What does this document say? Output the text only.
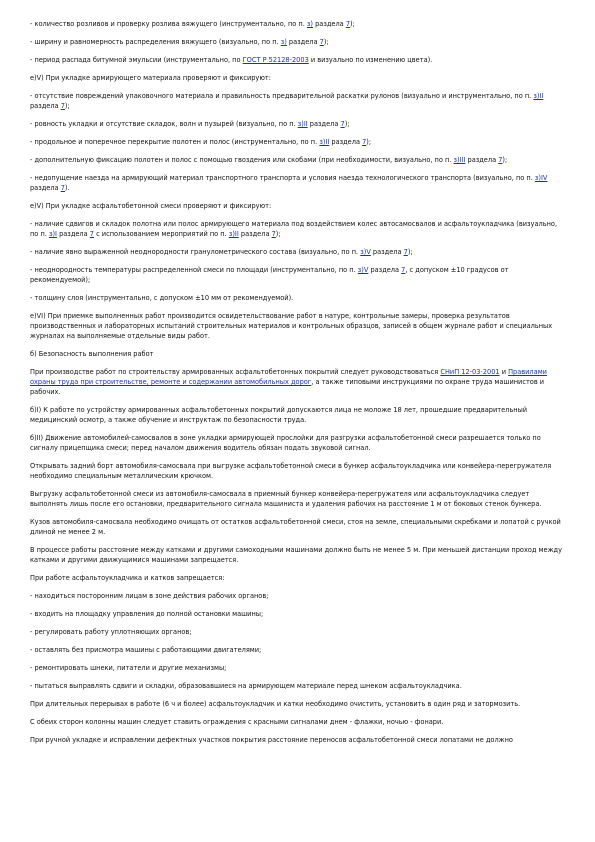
- количество розливов и проверку розлива вяжущего (инструментально, по п. з) раздела 7);

- ширину и равномерность распределения вяжущего (визуально, по п. з) раздела 7);

- период распада битумной эмульсии (инструментально, по ГОСТ Р 52128-2003 и визуально по изменению цвета).

e)V) При укладке армирующего материала проверяют и фиксируют:

- отсутствие повреждений упаковочного материала и правильность предварительной раскатки рулонов (визуально и инструментально, по п. з)II раздела 7);

- ровность укладки и отсутствие складок, волн и пузырей (визуально, по п. з)II раздела 7);

- продольное и поперечное перекрытие полотен и полос (инструментально, по п. з)II раздела 7);

- дополнительную фиксацию полотен и полос с помощью гвоздения или скобами (при необходимости, визуально, по п. з)III раздела 7);

- недопущение наезда на армирующий материал транспортного транспорта и условия наезда технологического транспорта (визуально, по п. з)IV раздела 7).

e)V) При укладке асфальтобетонной смеси проверяют и фиксируют:

- наличие сдвигов и складок полотна или полос армирующего материала под воздействием колес автосамосвалов и асфальтоукладчика (визуально, по п. з)I раздела 7 с использованием мероприятий по п. з)II раздела 7);

- наличие явно выраженной неоднородности гранулометрического состава (визуально, по п. з)V раздела 7);

- неоднородность температуры распределенной смеси по площади (инструментально, по п. з)V раздела 7, с допуском ±10 градусов от рекомендуемой);

- толщину слоя (инструментально, с допуском ±10 мм от рекомендуемой).

e)VI) При приемке выполненных работ производится освидетельствование работ в натуре, контрольные замеры, проверка результатов производственных и лабораторных испытаний строительных материалов и контрольных образцов, записей в общем журнале работ и специальных журналах на выполняемые отдельные виды работ.

б) Безопасность выполнения работ

При производстве работ по строительству армированных асфальтобетонных покрытий следует руководствоваться СНиП 12-03-2001 и Правилами охраны труда при строительстве, ремонте и содержании автомобильных дорог, а также типовыми инструкциями по охране труда машинистов и рабочих.

б)I) К работе по устройству армированных асфальтобетонных покрытий допускаются лица не моложе 18 лет, прошедшие предварительный медицинский осмотр, а также обучение и инструктаж по безопасности труда.

б)II) Движение автомобилей-самосвалов в зоне укладки армирующей прослойки для разгрузки асфальтобетонной смеси разрешается только по сигналу прицепщика смеси; перед началом движения водитель обязан подать звуковой сигнал.

Открывать задний борт автомобиля-самосвала при выгрузке асфальтобетонной смеси в бункер асфальтоукладчика или конвейера-перегружателя необходимо специальным металлическим крючком.

Выгрузку асфальтобетонной смеси из автомобиля-самосвала в приемный бункер конвейера-перегружателя или асфальтоукладчика следует выполнять лишь после его остановки, предварительного сигнала машиниста и удаления рабочих на расстояние 1 м от боковых стенок бункера.

Кузов автомобиля-самосвала необходимо очищать от остатков асфальтобетонной смеси, стоя на земле, специальными скребками и лопатой с ручкой длиной не менее 2 м.

В процессе работы расстояние между катками и другими самоходными машинами должно быть не менее 5 м. При меньшей дистанции проход между катками и другими движущимися машинами запрещается.

При работе асфальтоукладчика и катков запрещается:

- находиться посторонним лицам в зоне действия рабочих органов;

- входить на площадку управления до полной остановки машины;

- регулировать работу уплотняющих органов;

- оставлять без присмотра машины с работающими двигателями;

- ремонтировать шнеки, питатели и другие механизмы;

- пытаться выправлять сдвиги и складки, образовавшиеся на армирующем материале перед шнеком асфальтоукладчика.

При длительных перерывах в работе (6 ч и более) асфальтоукладчик и катки необходимо очистить, установить в один ряд и затормозить.

С обеих сторон колонны машин следует ставить ограждения с красными сигналами днем - флажки, ночью - фонари.

При ручной укладке и исправлении дефектных участков покрытия расстояние переносов асфальтобетонной смеси лопатами не должно
